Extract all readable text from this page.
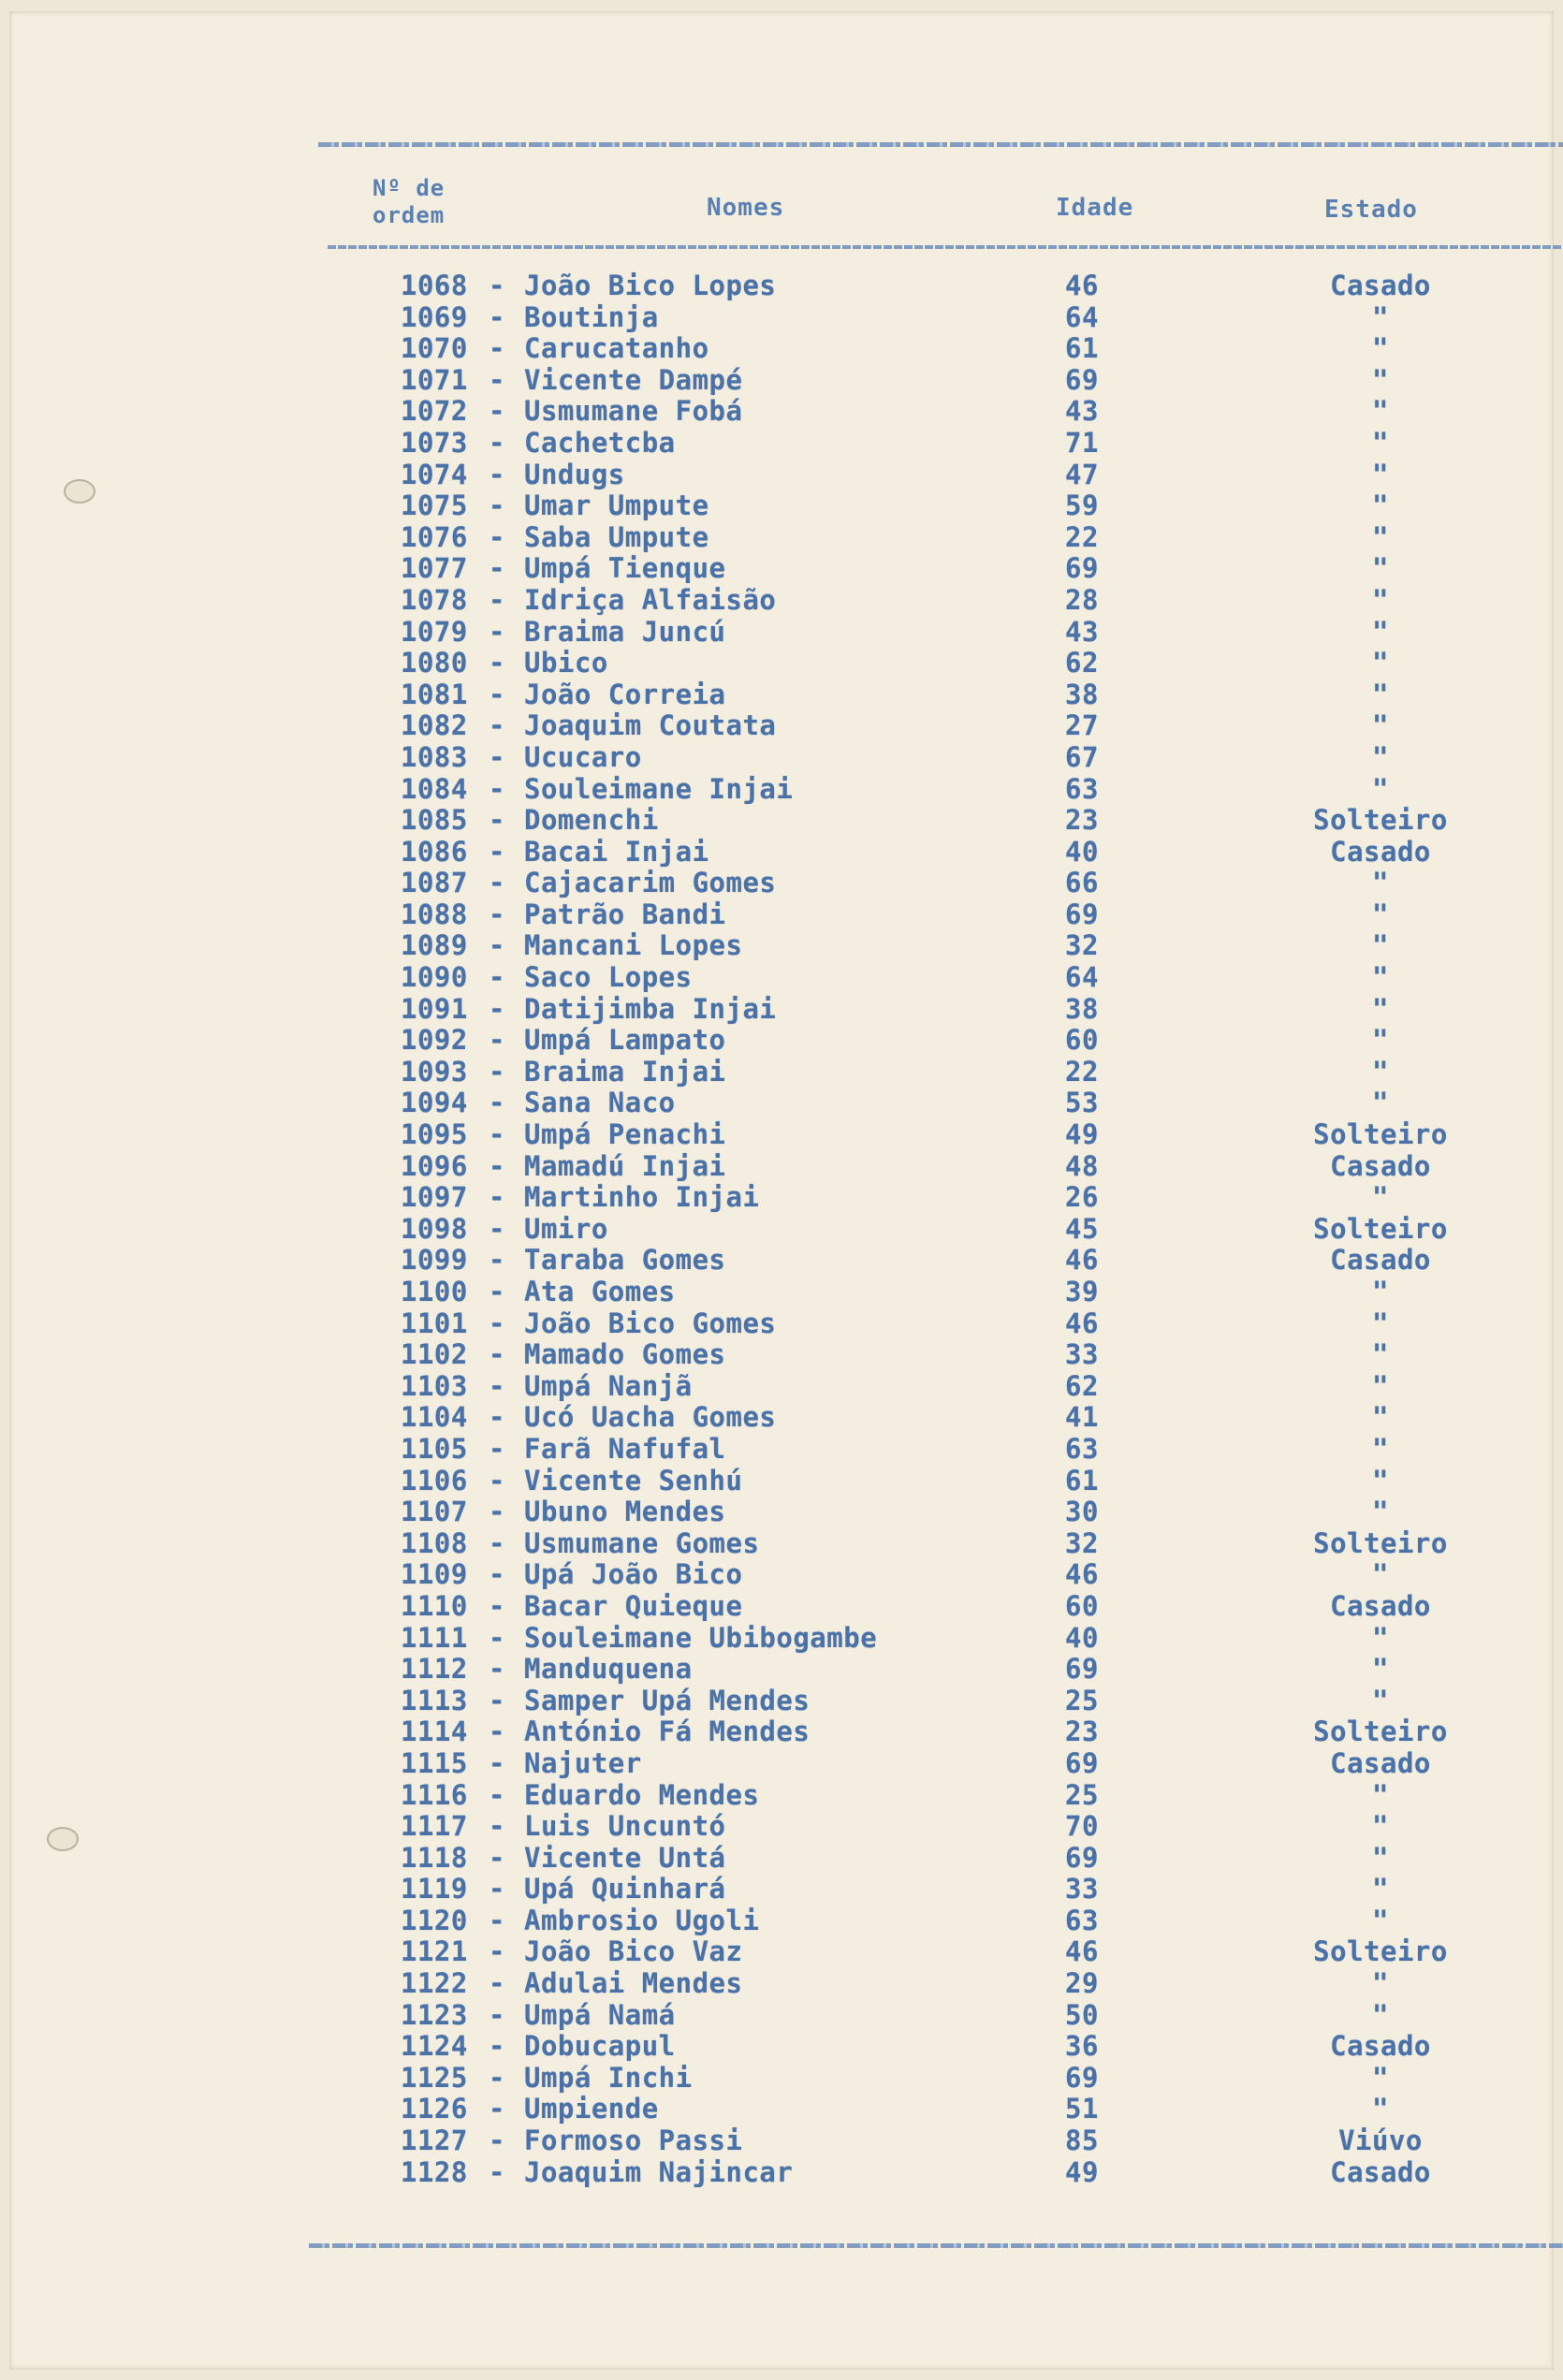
Nº de
ordem	Nomes	Idade	Estado
1068 - João Bico Lopes	46	Casado
1069 - Boutinja	64	"
1070 - Carucatanho	61	"
1071 - Vicente Dampé	69	"
1072 - Usmumane Fobá	43	"
1073 - Cachetcba	71	"
1074 - Undugs	47	"
1075 - Umar Umpute	59	"
1076 - Saba Umpute	22	"
1077 - Umpá Tienque	69	"
1078 - Idriça Alfaisão	28	"
1079 - Braima Juncú	43	"
1080 - Ubico	62	"
1081 - João Correia	38	"
1082 - Joaquim Coutata	27	"
1083 - Ucucaro	67	"
1084 - Souleimane Injai	63	"
1085 - Domenchi	23	Solteiro
1086 - Bacai Injai	40	Casado
1087 - Cajacarim Gomes	66	"
1088 - Patrão Bandi	69	"
1089 - Mancani Lopes	32	"
1090 - Saco Lopes	64	"
1091 - Datijimba Injai	38	"
1092 - Umpá Lampato	60	"
1093 - Braima Injai	22	"
1094 - Sana Naco	53	"
1095 - Umpá Penachi	49	Solteiro
1096 - Mamadú Injai	48	Casado
1097 - Martinho Injai	26	"
1098 - Umiro	45	Solteiro
1099 - Taraba Gomes	46	Casado
1100 - Ata Gomes	39	"
1101 - João Bico Gomes	46	"
1102 - Mamado Gomes	33	"
1103 - Umpá Nanjã	62	"
1104 - Ucó Uacha Gomes	41	"
1105 - Farã Nafufal	63	"
1106 - Vicente Senhú	61	"
1107 - Ubuno Mendes	30	"
1108 - Usmumane Gomes	32	Solteiro
1109 - Upá João Bico	46	"
1110 - Bacar Quieque	60	Casado
1111 - Souleimane Ubibogambe	40	"
1112 - Manduquena	69	"
1113 - Samper Upá Mendes	25	"
1114 - António Fá Mendes	23	Solteiro
1115 - Najuter	69	Casado
1116 - Eduardo Mendes	25	"
1117 - Luis Uncuntó	70	"
1118 - Vicente Untá	69	"
1119 - Upá Quinhará	33	"
1120 - Ambrosio Ugoli	63	"
1121 - João Bico Vaz	46	Solteiro
1122 - Adulai Mendes	29	"
1123 - Umpá Namá	50	"
1124 - Dobucapul	36	Casado
1125 - Umpá Inchi	69	"
1126 - Umpiende	51	"
1127 - Formoso Passi	85	Viúvo
1128 - Joaquim Najincar	49	Casado
